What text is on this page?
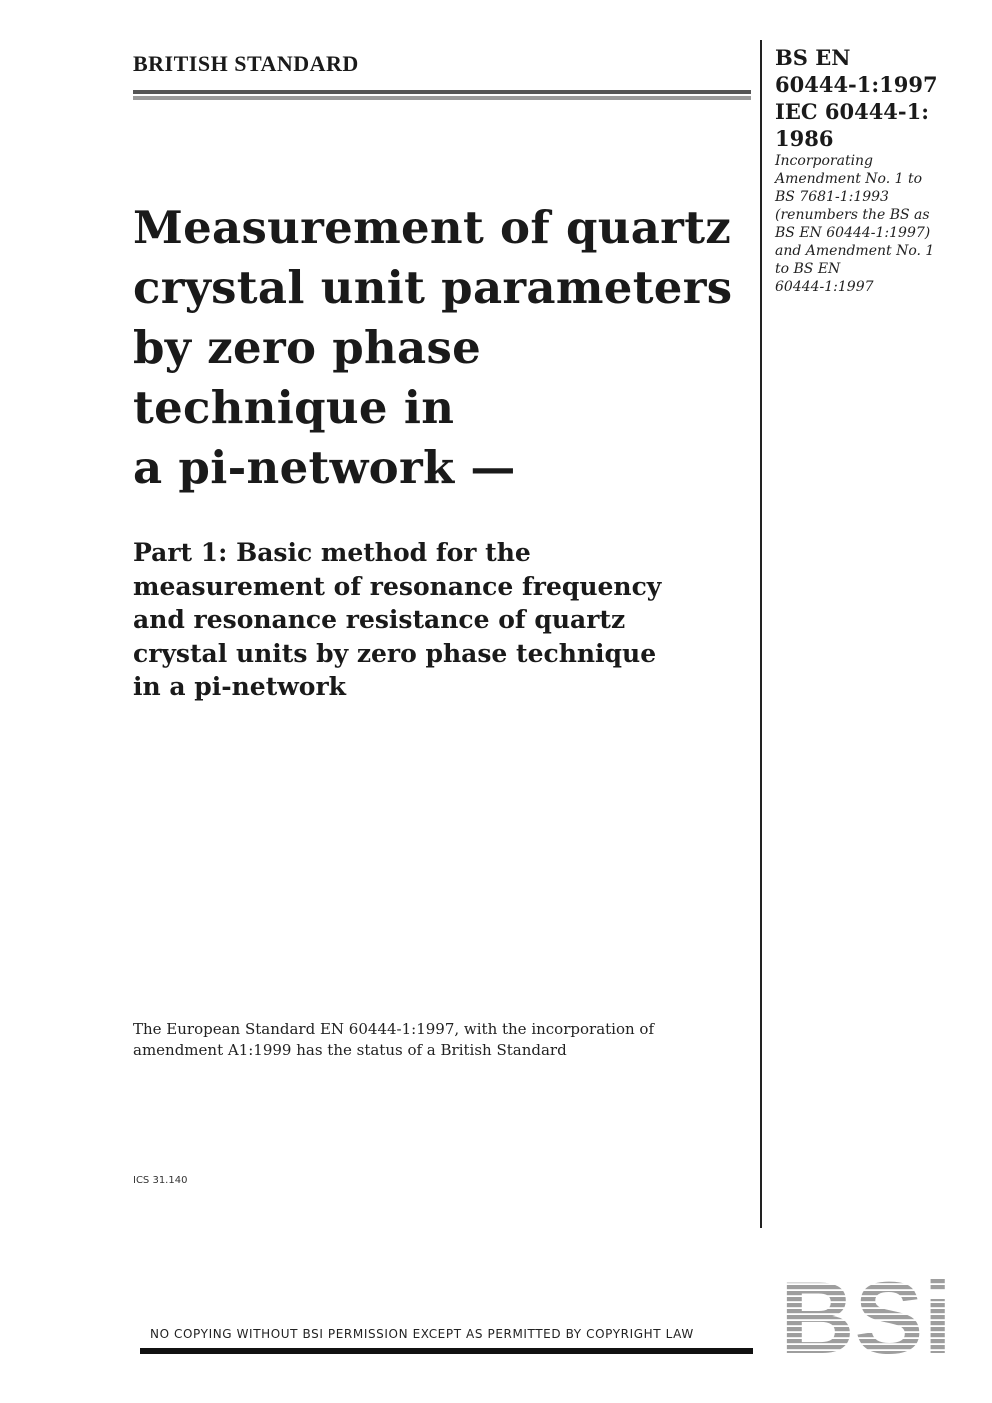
BRITISH STANDARD	BS EN
60444-1:1997
IEC 60444-1:
1986
Incorporating
Amendment No. 1 to
BS 7681-1:1993
(renumbers the BS as
BS EN 60444-1:1997)
and Amendment No. 1
to BS EN
60444-1:1997
Measurement of quartz
crystal unit parameters
by zero phase
technique in
a pi-network —
Part 1: Basic method for the
measurement of resonance frequency
and resonance resistance of quartz
crystal units by zero phase technique
in a pi-network
The European Standard EN 60444-1:1997, with the incorporation of
amendment A1:1999 has the status of a British Standard
ICS 31.140
NO COPYING WITHOUT BSI PERMISSION EXCEPT AS PERMITTED BY COPYRIGHT LAW
